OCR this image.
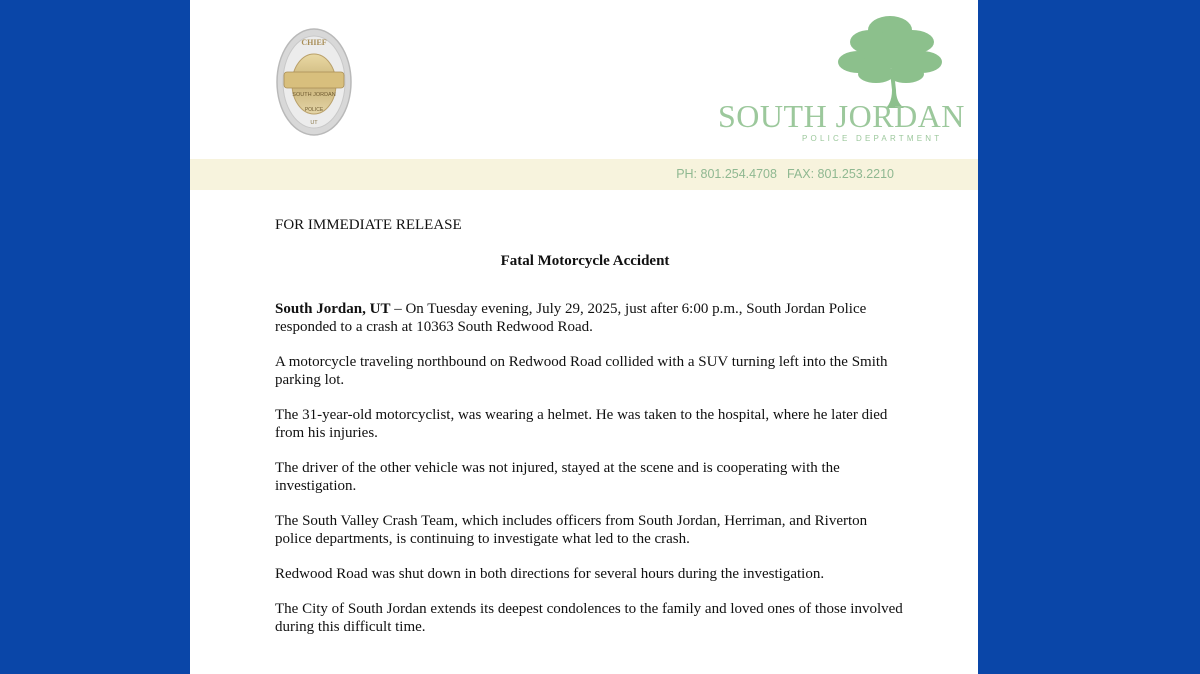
CHIEF
SOUTH JORDAN
POLICE
UT	SOUTH JORDAN
POLICE DEPARTMENT
PH: 801.254.4708 FAX: 801.253.2210

FOR IMMEDIATE RELEASE

Fatal Motorcycle Accident

South Jordan, UT – On Tuesday evening, July 29, 2025, just after 6:00 p.m., South Jordan Police responded to a crash at 10363 South Redwood Road.

A motorcycle traveling northbound on Redwood Road collided with a SUV turning left into the Smith parking lot.

The 31-year-old motorcyclist, was wearing a helmet. He was taken to the hospital, where he later died from his injuries.

The driver of the other vehicle was not injured, stayed at the scene and is cooperating with the investigation.

The South Valley Crash Team, which includes officers from South Jordan, Herriman, and Riverton police departments, is continuing to investigate what led to the crash.

Redwood Road was shut down in both directions for several hours during the investigation.

The City of South Jordan extends its deepest condolences to the family and loved ones of those involved during this difficult time.
